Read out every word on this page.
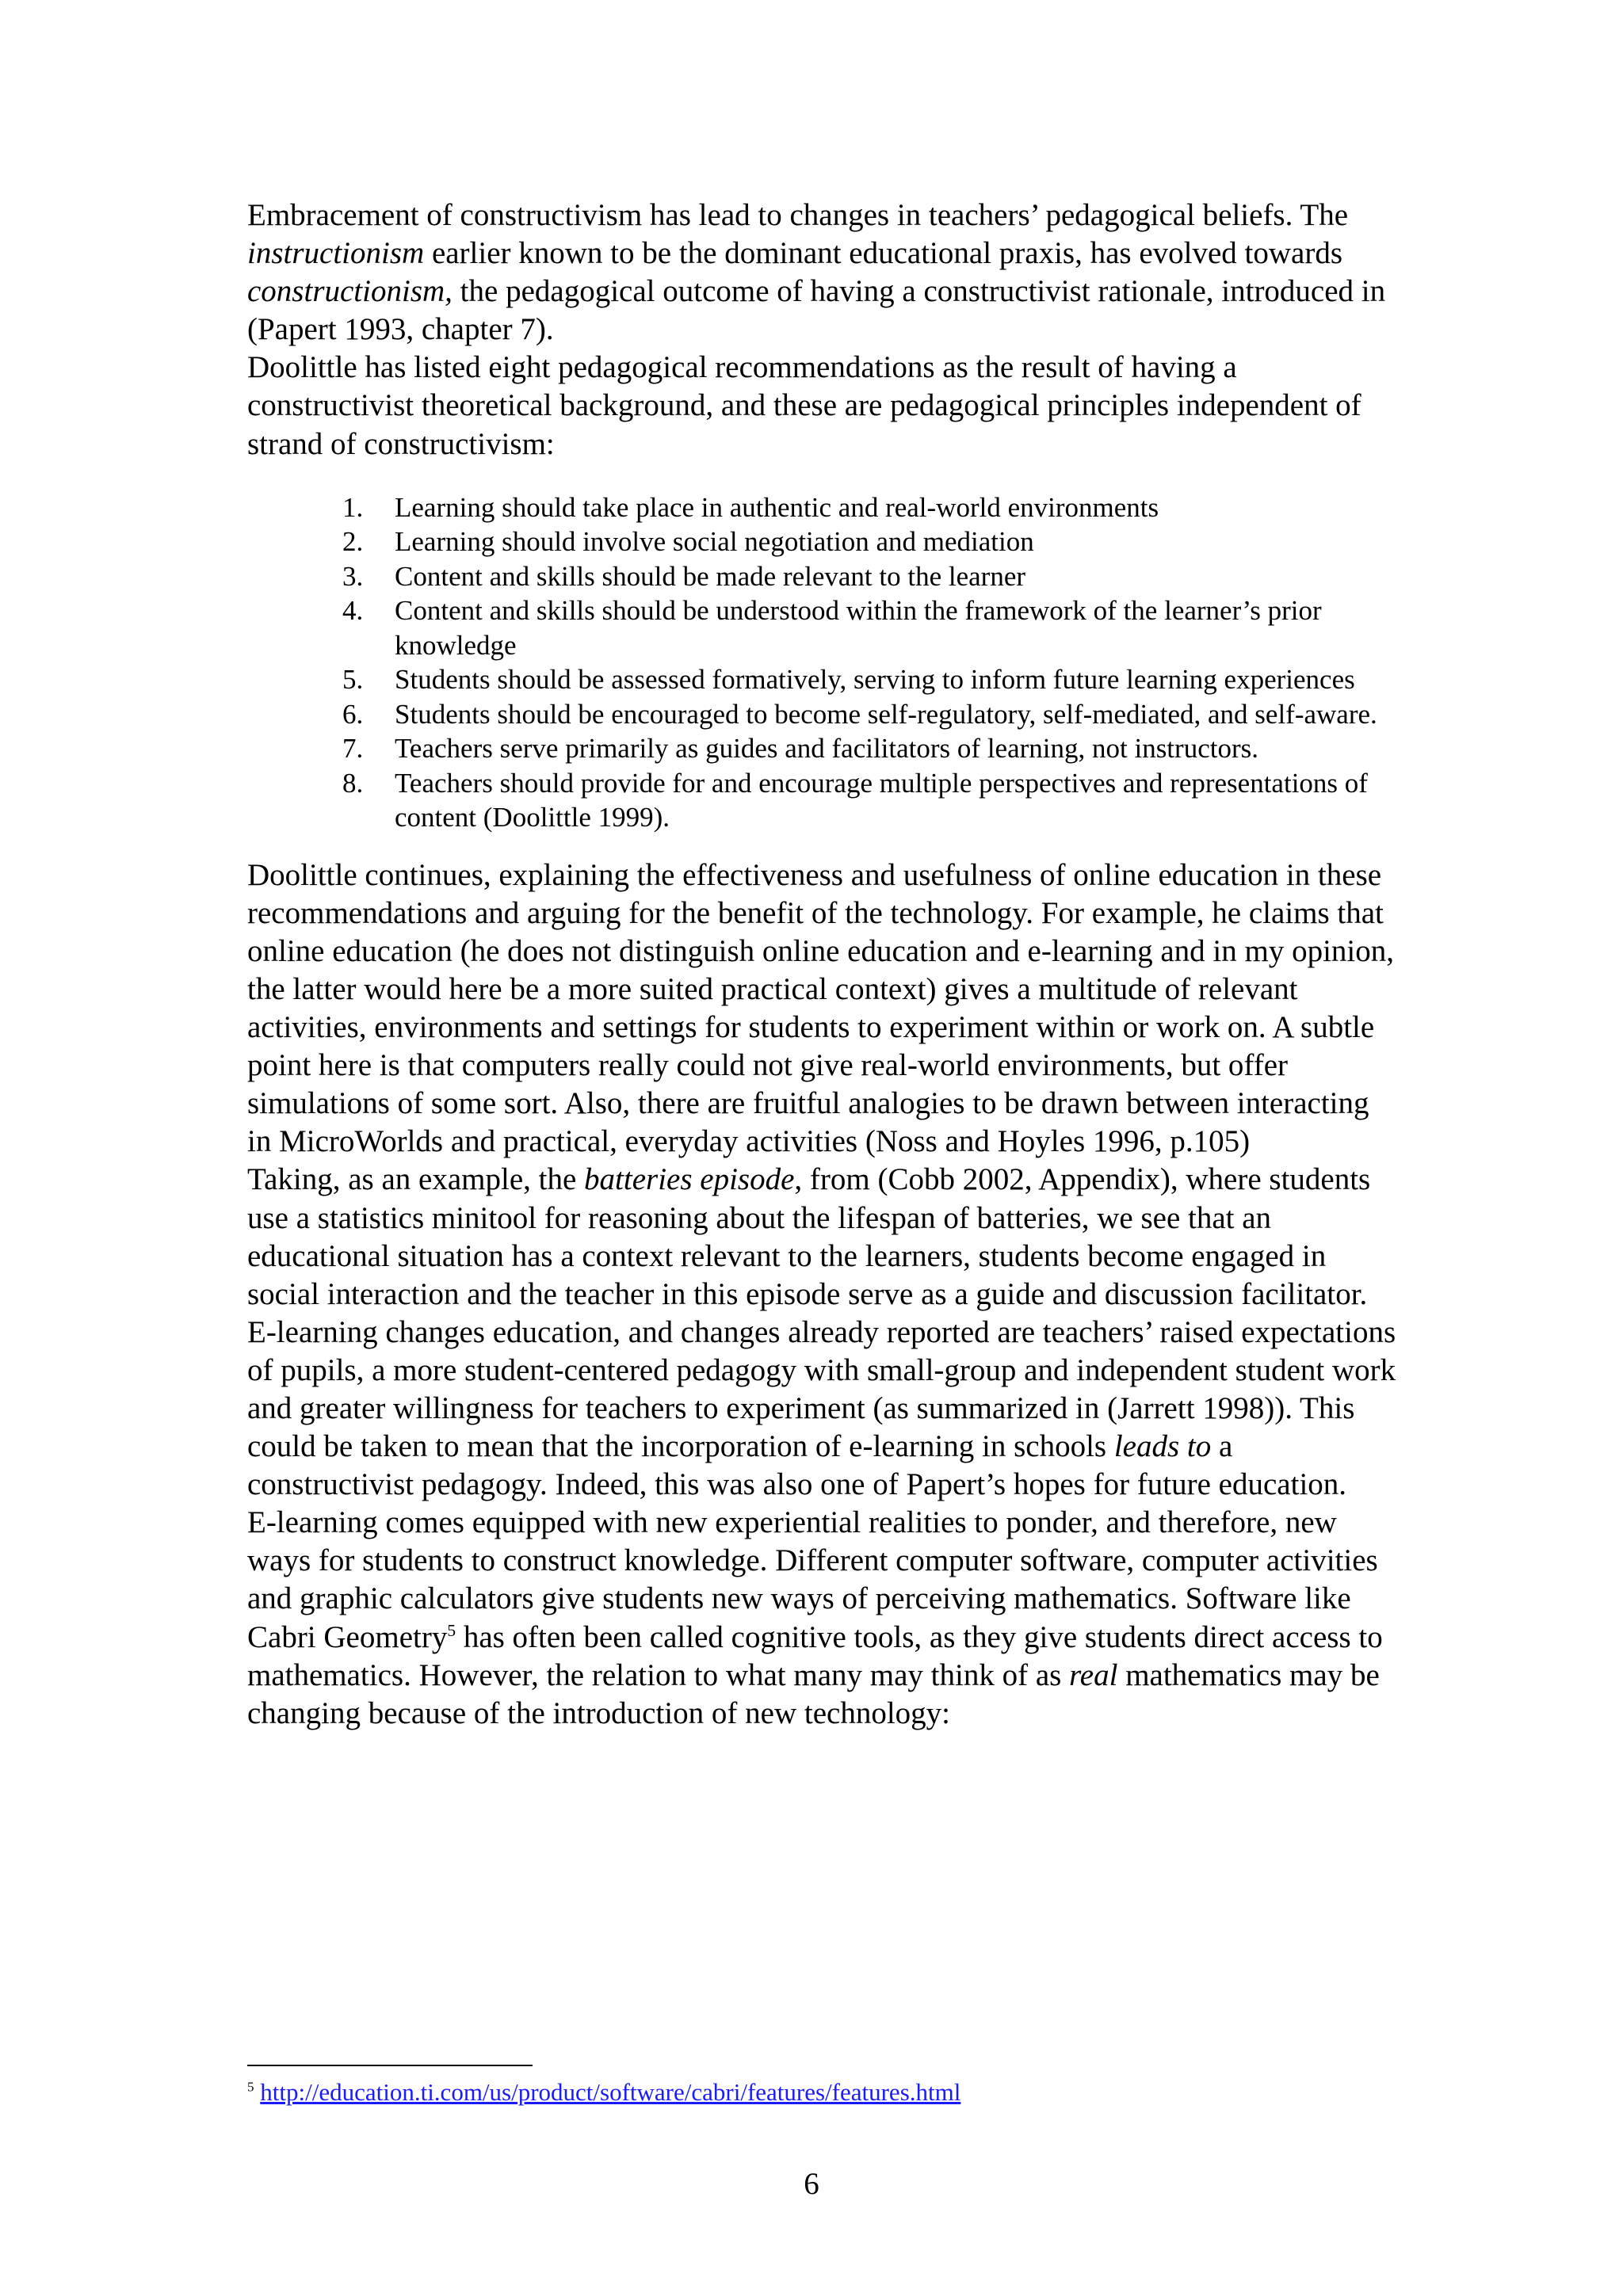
Embracement of constructivism has lead to changes in teachers’ pedagogical beliefs. The instructionism earlier known to be the dominant educational praxis, has evolved towards constructionism, the pedagogical outcome of having a constructivist rationale, introduced in (Papert 1993, chapter 7).

Doolittle has listed eight pedagogical recommendations as the result of having a constructivist theoretical background, and these are pedagogical principles independent of strand of constructivism:

1. Learning should take place in authentic and real-world environments
2. Learning should involve social negotiation and mediation
3. Content and skills should be made relevant to the learner
4. Content and skills should be understood within the framework of the learner’s prior knowledge
5. Students should be assessed formatively, serving to inform future learning experiences
6. Students should be encouraged to become self-regulatory, self-mediated, and self-aware.
7. Teachers serve primarily as guides and facilitators of learning, not instructors.
8. Teachers should provide for and encourage multiple perspectives and representations of content (Doolittle 1999).

Doolittle continues, explaining the effectiveness and usefulness of online education in these recommendations and arguing for the benefit of the technology. For example, he claims that online education (he does not distinguish online education and e-learning and in my opinion, the latter would here be a more suited practical context) gives a multitude of relevant activities, environments and settings for students to experiment within or work on. A subtle point here is that computers really could not give real-world environments, but offer simulations of some sort. Also, there are fruitful analogies to be drawn between interacting in MicroWorlds and practical, everyday activities (Noss and Hoyles 1996, p.105)

Taking, as an example, the batteries episode, from (Cobb 2002, Appendix), where students use a statistics minitool for reasoning about the lifespan of batteries, we see that an educational situation has a context relevant to the learners, students become engaged in social interaction and the teacher in this episode serve as a guide and discussion facilitator.

E-learning changes education, and changes already reported are teachers’ raised expectations of pupils, a more student-centered pedagogy with small-group and independent student work and greater willingness for teachers to experiment (as summarized in (Jarrett 1998)). This could be taken to mean that the incorporation of e-learning in schools leads to a constructivist pedagogy. Indeed, this was also one of Papert’s hopes for future education.

E-learning comes equipped with new experiential realities to ponder, and therefore, new ways for students to construct knowledge. Different computer software, computer activities and graphic calculators give students new ways of perceiving mathematics. Software like Cabri Geometry$^5$ has often been called cognitive tools, as they give students direct access to mathematics. However, the relation to what many may think of as real mathematics may be changing because of the introduction of new technology:

$^5$ http://education.ti.com/us/product/software/cabri/features/features.html
6
